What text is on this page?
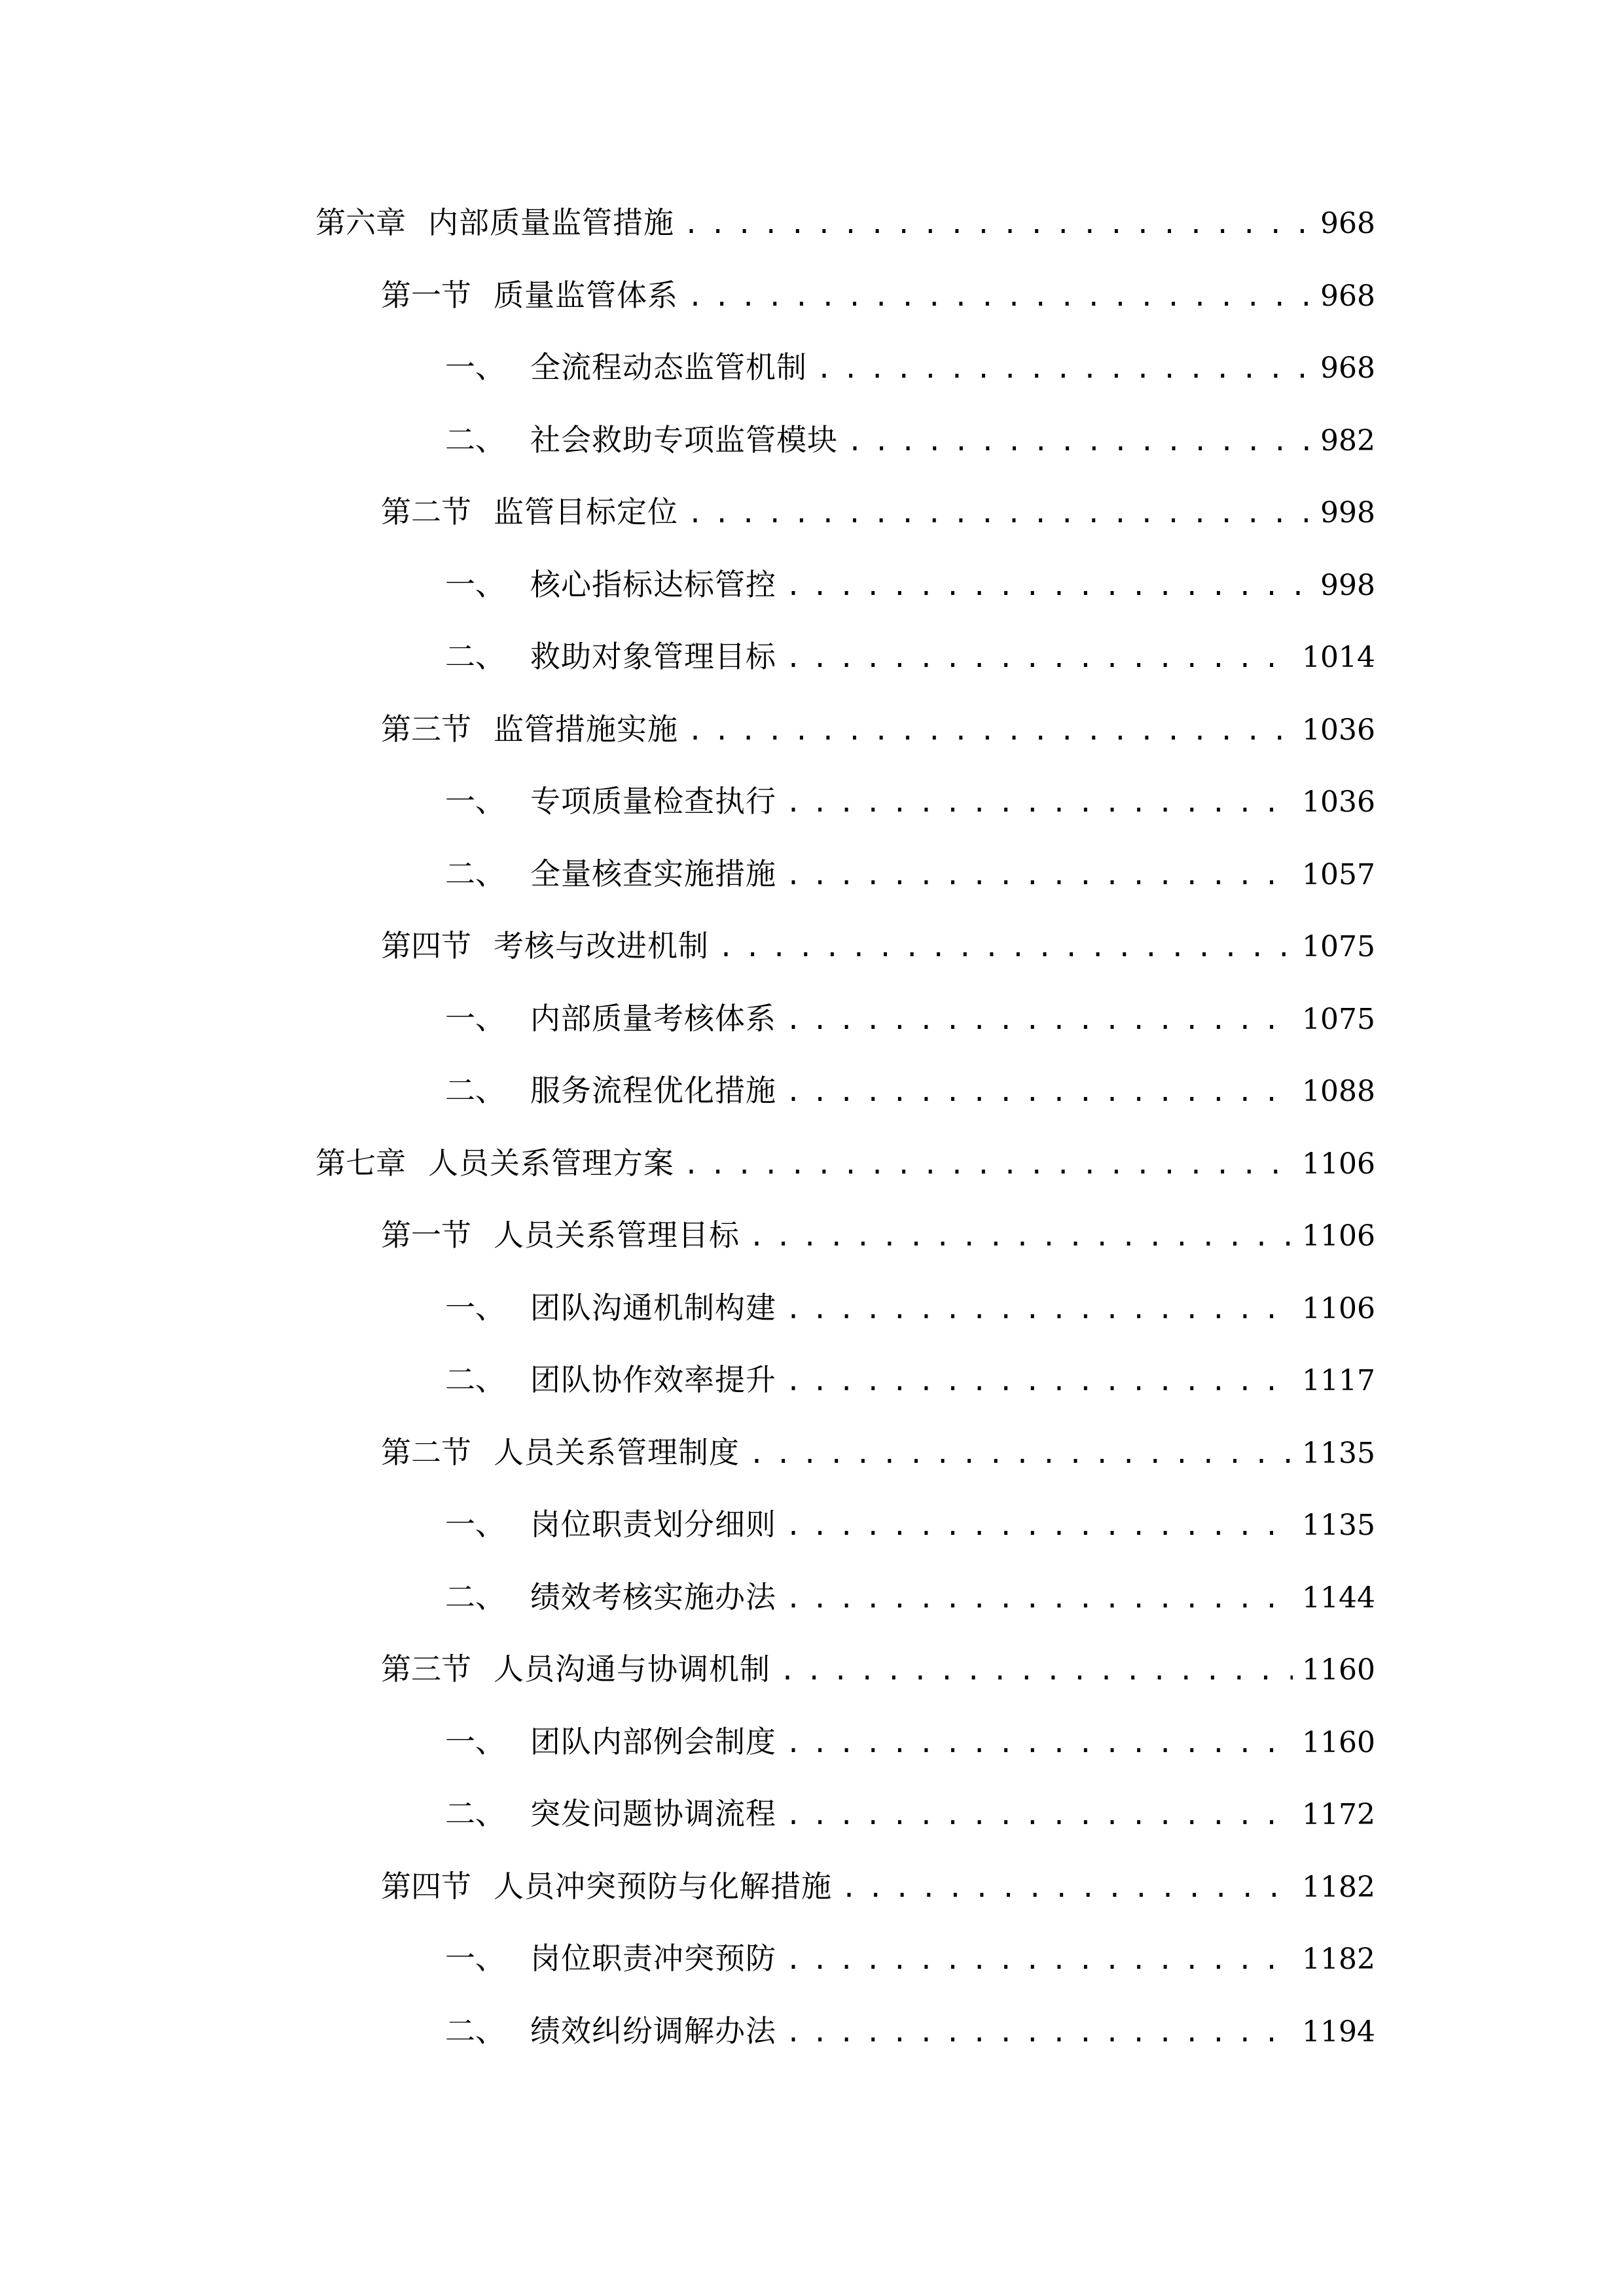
第六章 内部质量监管措施 .....	968
第一节 质量监管体系 .....	968
一、 全流程动态监管机制 .....	968
二、 社会救助专项监管模块 .....	982
第二节 监管目标定位 .....	998
一、 核心指标达标管控 .....	998
二、 救助对象管理目标 .....	1014
第三节 监管措施实施 .....	1036
一、 专项质量检查执行 .....	1036
二、 全量核查实施措施 .....	1057
第四节 考核与改进机制 .....	1075
一、 内部质量考核体系 .....	1075
二、 服务流程优化措施 .....	1088
第七章 人员关系管理方案 .....	1106
第一节 人员关系管理目标 .....	1106
一、 团队沟通机制构建 .....	1106
二、 团队协作效率提升 .....	1117
第二节 人员关系管理制度 .....	1135
一、 岗位职责划分细则 .....	1135
二、 绩效考核实施办法 .....	1144
第三节 人员沟通与协调机制 .....	1160
一、 团队内部例会制度 .....	1160
二、 突发问题协调流程 .....	1172
第四节 人员冲突预防与化解措施 .....	1182
一、 岗位职责冲突预防 .....	1182
二、 绩效纠纷调解办法 .....	1194
